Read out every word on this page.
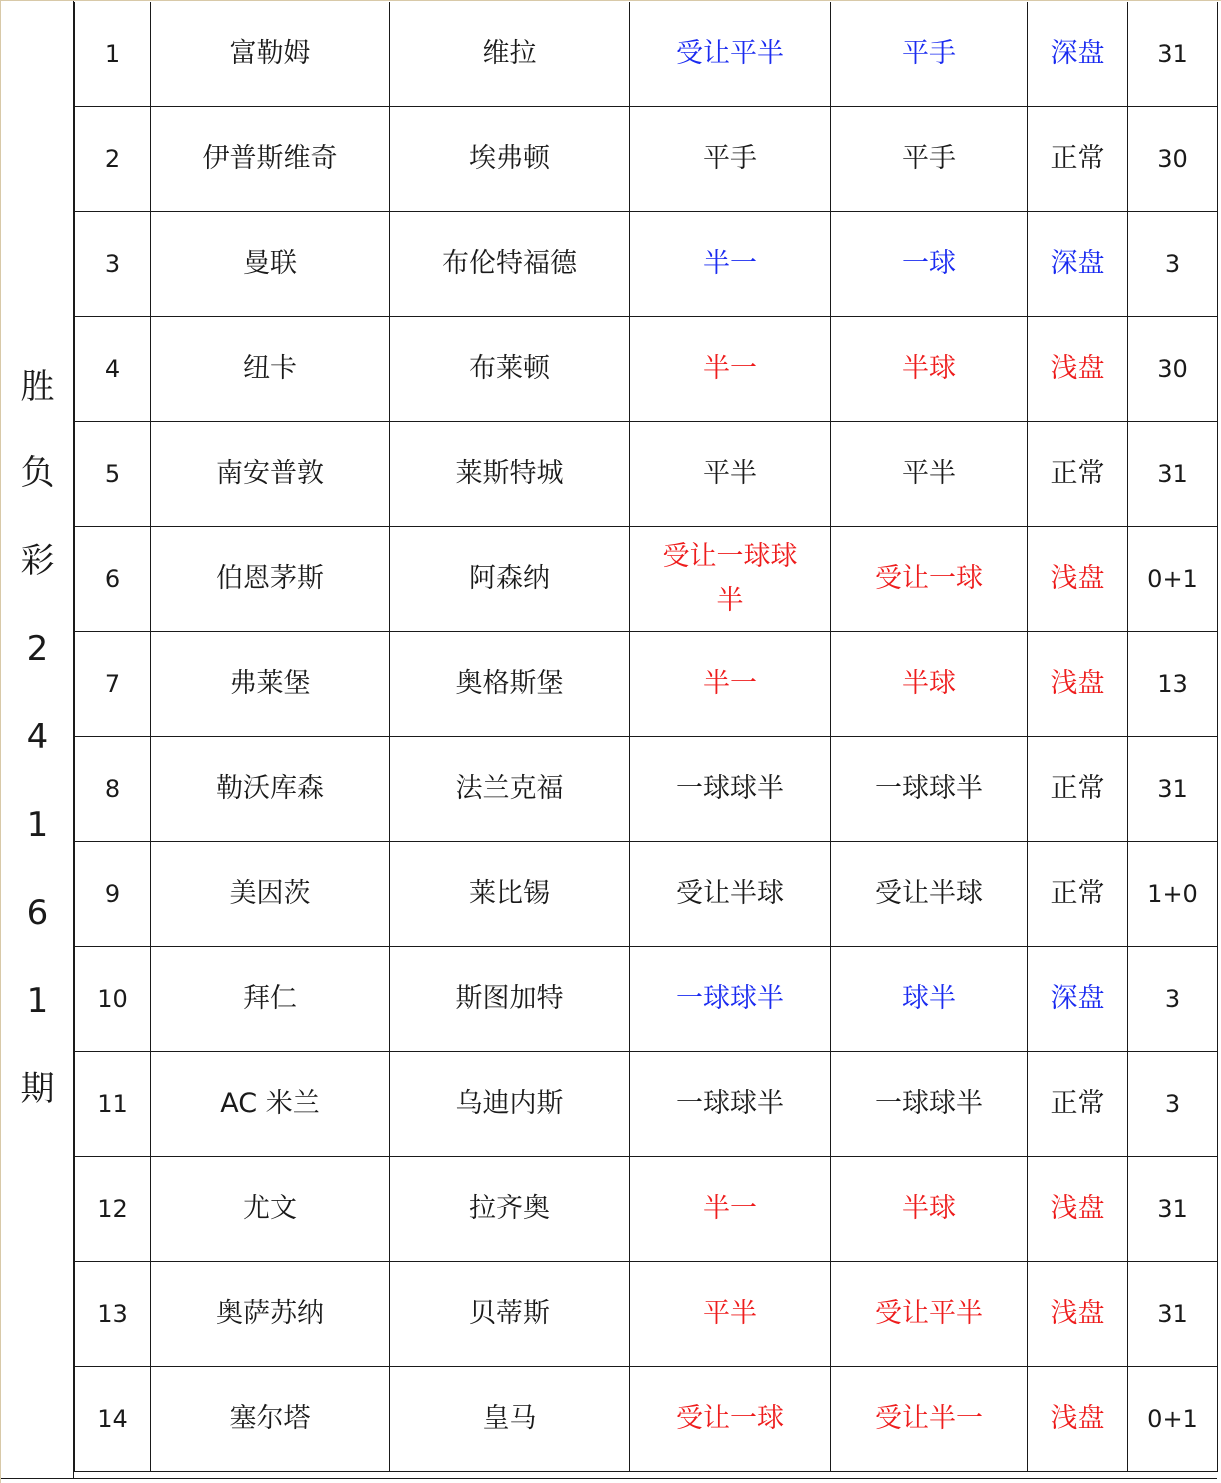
胜
负
彩
2
4
1
6
1
期
1	富勒姆	维拉	受让平半	平手	深盘	31
2	伊普斯维奇	埃弗顿	平手	平手	正常	30
3	曼联	布伦特福德	半一	一球	深盘	3
4	纽卡	布莱顿	半一	半球	浅盘	30
5	南安普敦	莱斯特城	平半	平半	正常	31
6	伯恩茅斯	阿森纳	受让一球球半	受让一球	浅盘	0+1
7	弗莱堡	奥格斯堡	半一	半球	浅盘	13
8	勒沃库森	法兰克福	一球球半	一球球半	正常	31
9	美因茨	莱比锡	受让半球	受让半球	正常	1+0
10	拜仁	斯图加特	一球球半	球半	深盘	3
11	AC 米兰	乌迪内斯	一球球半	一球球半	正常	3
12	尤文	拉齐奥	半一	半球	浅盘	31
13	奥萨苏纳	贝蒂斯	平半	受让平半	浅盘	31
14	塞尔塔	皇马	受让一球	受让半一	浅盘	0+1
